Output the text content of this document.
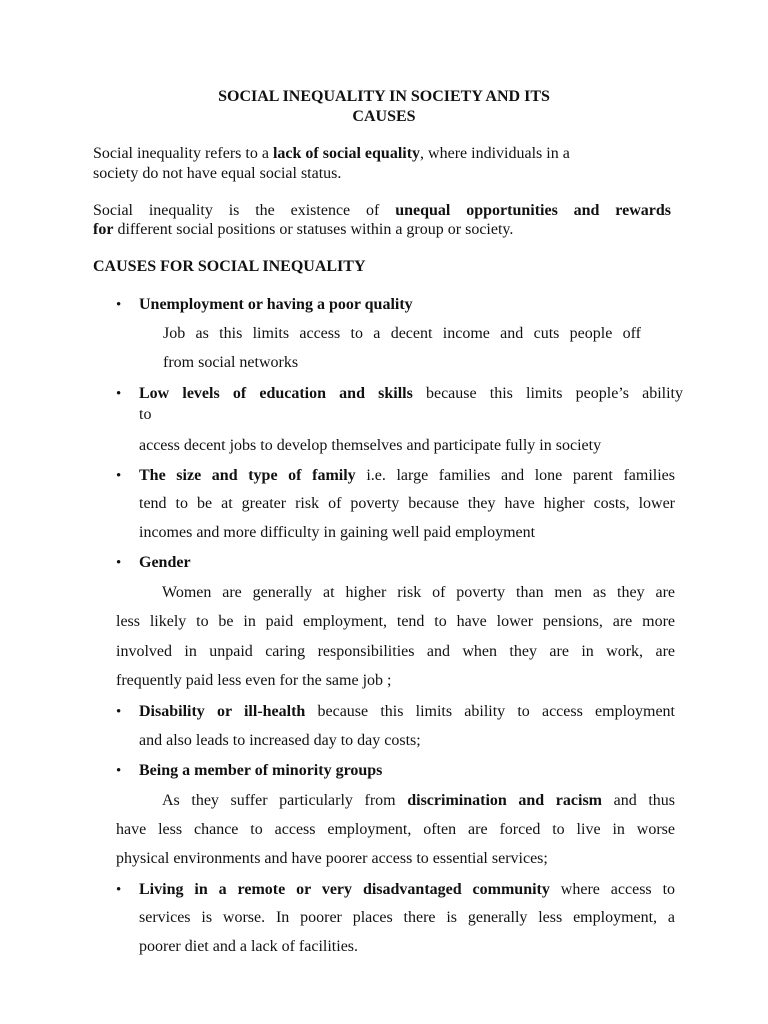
SOCIAL INEQUALITY IN SOCIETY AND ITS
CAUSES
Social inequality refers to a lack of social equality, where individuals in a
society do not have equal social status.
Social inequality is the existence of unequal opportunities and rewards
for different social positions or statuses within a group or society.
CAUSES FOR SOCIAL INEQUALITY
• Unemployment or having a poor quality
Job as this limits access to a decent income and cuts people off
from social networks
• Low levels of education and skills because this limits people’s ability
to
access decent jobs to develop themselves and participate fully in society
• The size and type of family i.e. large families and lone parent families
tend to be at greater risk of poverty because they have higher costs, lower
incomes and more difficulty in gaining well paid employment
• Gender
Women are generally at higher risk of poverty than men as they are
less likely to be in paid employment, tend to have lower pensions, are more
involved in unpaid caring responsibilities and when they are in work, are
frequently paid less even for the same job ;
• Disability or ill-health because this limits ability to access employment
and also leads to increased day to day costs;
• Being a member of minority groups
As they suffer particularly from discrimination and racism and thus
have less chance to access employment, often are forced to live in worse
physical environments and have poorer access to essential services;
• Living in a remote or very disadvantaged community where access to
services is worse. In poorer places there is generally less employment, a
poorer diet and a lack of facilities.
